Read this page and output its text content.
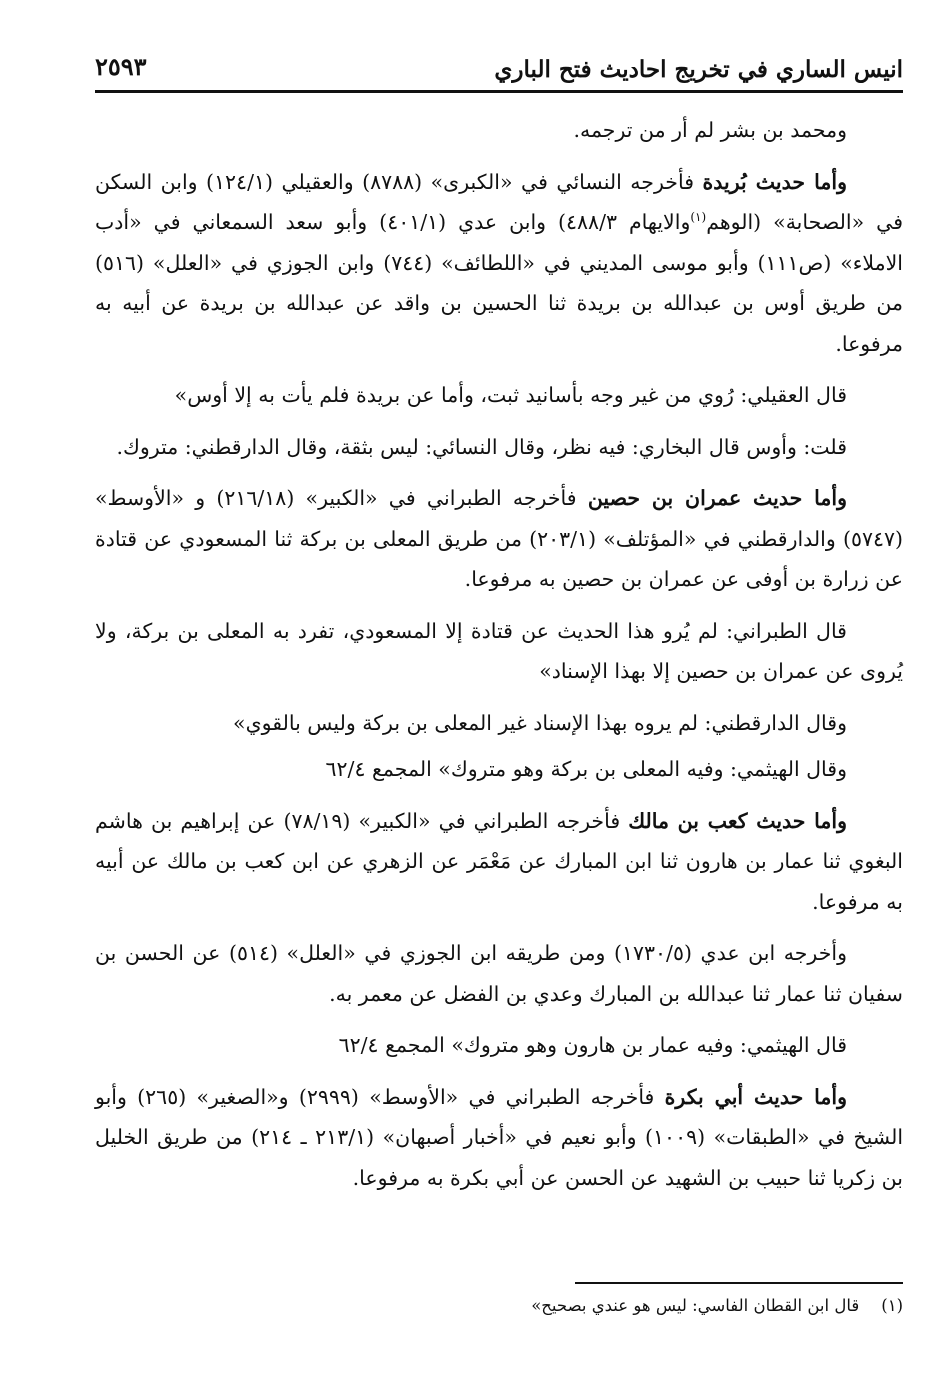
انيس الساري في تخريج احاديث فتح الباري
٢٥٩٣

ومحمد بن بشر لم أر من ترجمه.

وأما حديث بُريدة فأخرجه النسائي في «الكبرى» (٨٧٨٨) والعقيلي (١٢٤/١) وابن السكن في «الصحابة» (الوهم$^{(١)}$والايهام ٤٨٨/٣) وابن عدي (٤٠١/١) وأبو سعد السمعاني في «أدب الاملاء» (ص١١١) وأبو موسى المديني في «اللطائف» (٧٤٤) وابن الجوزي في «العلل» (٥١٦) من طريق أوس بن عبدالله بن بريدة ثنا الحسين بن واقد عن عبدالله بن بريدة عن أبيه به مرفوعا.

قال العقيلي: رُوي من غير وجه بأسانيد ثبت، وأما عن بريدة فلم يأت به إلا أوس»

قلت: وأوس قال البخاري: فيه نظر، وقال النسائي: ليس بثقة، وقال الدارقطني: متروك.

وأما حديث عمران بن حصين فأخرجه الطبراني في «الكبير» (٢١٦/١٨) و «الأوسط» (٥٧٤٧) والدارقطني في «المؤتلف» (٢٠٣/١) من طريق المعلى بن بركة ثنا المسعودي عن قتادة عن زرارة بن أوفى عن عمران بن حصين به مرفوعا.

قال الطبراني: لم يُرو هذا الحديث عن قتادة إلا المسعودي، تفرد به المعلى بن بركة، ولا يُروى عن عمران بن حصين إلا بهذا الإسناد»

وقال الدارقطني: لم يروه بهذا الإسناد غير المعلى بن بركة وليس بالقوي»

وقال الهيثمي: وفيه المعلى بن بركة وهو متروك» المجمع ٦٢/٤

وأما حديث كعب بن مالك فأخرجه الطبراني في «الكبير» (٧٨/١٩) عن إبراهيم بن هاشم البغوي ثنا عمار بن هارون ثنا ابن المبارك عن مَعْمَر عن الزهري عن ابن كعب بن مالك عن أبيه به مرفوعا.

وأخرجه ابن عدي (١٧٣٠/٥) ومن طريقه ابن الجوزي في «العلل» (٥١٤) عن الحسن بن سفيان ثنا عمار ثنا عبدالله بن المبارك وعدي بن الفضل عن معمر به.

قال الهيثمي: وفيه عمار بن هارون وهو متروك» المجمع ٦٢/٤

وأما حديث أبي بكرة فأخرجه الطبراني في «الأوسط» (٢٩٩٩) و«الصغير» (٢٦٥) وأبو الشيخ في «الطبقات» (١٠٠٩) وأبو نعيم في «أخبار أصبهان» (٢١٣/١ ـ ٢١٤) من طريق الخليل بن زكريا ثنا حبيب بن الشهيد عن الحسن عن أبي بكرة به مرفوعا.

(١)قال ابن القطان الفاسي: ليس هو عندي بصحيح»
